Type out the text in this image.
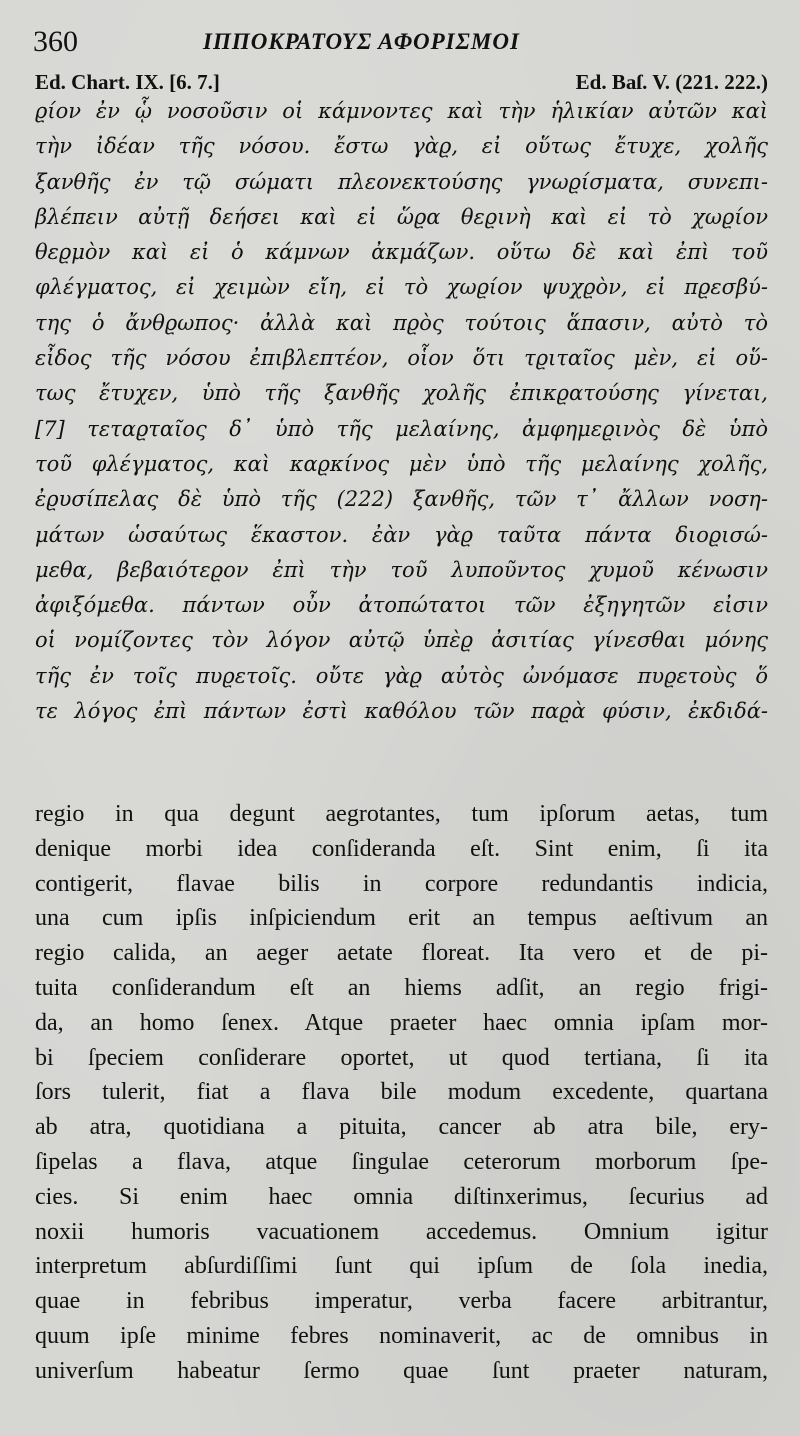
360	ΙΠΠΟΚΡΑΤΟΥΣ ΑΦΟΡΙΣΜΟΙ
Ed. Chart. IX. [6. 7.]	Ed. Baſ. V. (221. 222.)
ϱίον ἐν ᾧ νοσοῦσιν οἱ κάμνοντες καὶ τὴν ἡλικίαν αὐτῶν καὶ
τὴν ἰδέαν τῆς νόσου. ἔστω γὰϱ, εἰ οὕτως ἔτυχε, χολῆς
ξανθῆς ἐν τῷ σώματι πλεονεκτούσης γνωϱίσματα, συνεπι-
βλέπειν αὐτῇ δεήσει καὶ εἰ ὥϱα θεϱινὴ καὶ εἰ τὸ χωϱίον
θεϱμὸν καὶ εἰ ὁ κάμνων ἀκμάζων. οὕτω δὲ καὶ ἐπὶ τοῦ
φλέγματος, εἰ χειμὼν εἴη, εἰ τὸ χωϱίον ψυχϱὸν, εἰ πϱεσβύ-
της ὁ ἄνθϱωπος· ἀλλὰ καὶ πϱὸς τούτοις ἅπασιν, αὐτὸ τὸ
εἶδος τῆς νόσου ἐπιβλεπτέον, οἷον ὅτι τϱιταῖος μὲν, εἰ οὕ-
τως ἔτυχεν, ὑπὸ τῆς ξανθῆς χολῆς ἐπικϱατούσης γίνεται,
[7] τεταϱταῖος δ᾽ ὑπὸ τῆς μελαίνης, ἀμφημεϱινὸς δὲ ὑπὸ
τοῦ φλέγματος, καὶ καϱκίνος μὲν ὑπὸ τῆς μελαίνης χολῆς,
ἐϱυσίπελας δὲ ὑπὸ τῆς (222) ξανθῆς, τῶν τ᾽ ἄλλων νοση-
μάτων ὡσαύτως ἕκαστον. ἐὰν γὰϱ ταῦτα πάντα διοϱισώ-
μεθα, βεβαιότεϱον ἐπὶ τὴν τοῦ λυποῦντος χυμοῦ κένωσιν
ἀφιξόμεθα. πάντων οὖν ἀτοπώτατοι τῶν ἐξηγητῶν εἰσιν
οἱ νομίζοντες τὸν λόγον αὐτῷ ὑπὲϱ ἀσιτίας γίνεσθαι μόνης
τῆς ἐν τοῖς πυϱετοῖς. οὔτε γὰϱ αὐτὸς ὠνόμασε πυϱετοὺς ὅ
τε λόγος ἐπὶ πάντων ἐστὶ καθόλου τῶν παϱὰ φύσιν, ἐκδιδά-
regio in qua degunt aegrotantes, tum ipſorum aetas, tum
denique morbi idea conſideranda eſt. Sint enim, ſi ita
contigerit, flavae bilis in corpore redundantis indicia,
una cum ipſis inſpiciendum erit an tempus aeſtivum an
regio calida, an aeger aetate floreat. Ita vero et de pi-
tuita conſiderandum eſt an hiems adſit, an regio frigi-
da, an homo ſenex. Atque praeter haec omnia ipſam mor-
bi ſpeciem conſiderare oportet, ut quod tertiana, ſi ita
ſors tulerit, fiat a flava bile modum excedente, quartana
ab atra, quotidiana a pituita, cancer ab atra bile, ery-
ſipelas a flava, atque ſingulae ceterorum morborum ſpe-
cies. Si enim haec omnia diſtinxerimus, ſecurius ad
noxii humoris vacuationem accedemus. Omnium igitur
interpretum abſurdiſſimi ſunt qui ipſum de ſola inedia,
quae in febribus imperatur, verba facere arbitrantur,
quum ipſe minime febres nominaverit, ac de omnibus in
univerſum habeatur ſermo quae ſunt praeter naturam,
